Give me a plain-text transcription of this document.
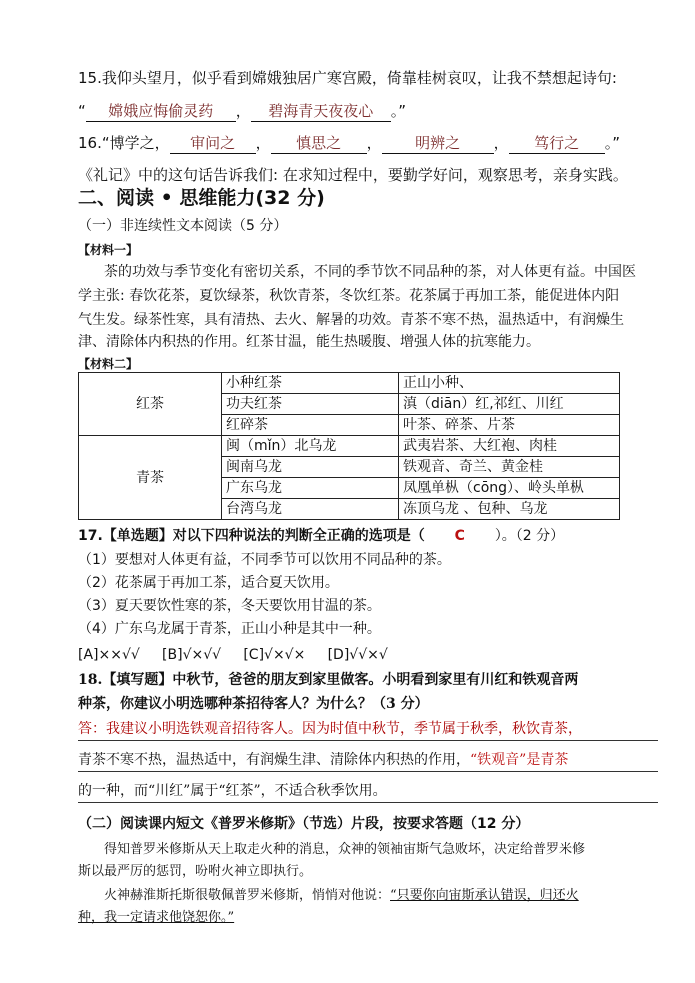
15.我仰头望月，似乎看到嫦娥独居广寒宫殿，倚靠桂树哀叹，让我不禁想起诗句:
“ 嫦娥应悔偷灵药 ， 碧海青天夜夜心 。”
16.“博学之， 审问之 ， 慎思之 ， 明辨之 ， 笃行之 。”
《礼记》中的这句话告诉我们: 在求知过程中，要勤学好问，观察思考，亲身实践。
二、阅读 • 思维能力(32 分)
（一）非连续性文本阅读（5 分）
【材料一】
茶的功效与季节变化有密切关系，不同的季节饮不同品种的茶，对人体更有益。中国医
学主张: 春饮花茶，夏饮绿茶，秋饮青茶，冬饮红茶。花茶属于再加工茶，能促进体内阳
气生发。绿茶性寒，具有清热、去火、解暑的功效。青茶不寒不热，温热适中，有润燥生
津、清除体内积热的作用。红茶甘温，能生热暖腹、增强人体的抗寒能力。
【材料二】
红茶	小种红茶	正山小种、
	功夫红茶	滇（diān）红,祁红、川红
	红碎茶	叶茶、碎茶、片茶
青茶	闽（mǐn）北乌龙	武夷岩茶、大红袍、肉桂
	闽南乌龙	铁观音、奇兰、黄金桂
	广东乌龙	凤凰单枞（cōng）、岭头单枞
	台湾乌龙	冻顶乌龙 、包种、乌龙
17.【单选题】对以下四种说法的判断全正确的选项是（ C ）。（2 分）
（1）要想对人体更有益，不同季节可以饮用不同品种的茶。
（2）花茶属于再加工茶，适合夏天饮用。
（3）夏天要饮性寒的茶，冬天要饮用甘温的茶。
（4）广东乌龙属于青茶，正山小种是其中一种。
[A]××√√     [B]√×√√     [C]√×√×     [D]√√×√
18.【填写题】中秋节，爸爸的朋友到家里做客。小明看到家里有川红和铁观音两
种茶，你建议小明选哪种茶招待客人？为什么？（3 分）
答：我建议小明选铁观音招待客人。因为时值中秋节，季节属于秋季，秋饮青茶，
青茶不寒不热，温热适中，有润燥生津、清除体内积热的作用，“铁观音”是青茶
的一种，而“川红”属于“红茶”，不适合秋季饮用。
（二）阅读课内短文《普罗米修斯》（节选）片段，按要求答题（12 分）
得知普罗米修斯从天上取走火种的消息，众神的领袖宙斯气急败坏，决定给普罗米修
斯以最严厉的惩罚，吩咐火神立即执行。
火神赫淮斯托斯很敬佩普罗米修斯，悄悄对他说：“只要你向宙斯承认错误，归还火
种，我一定请求他饶恕你。”
